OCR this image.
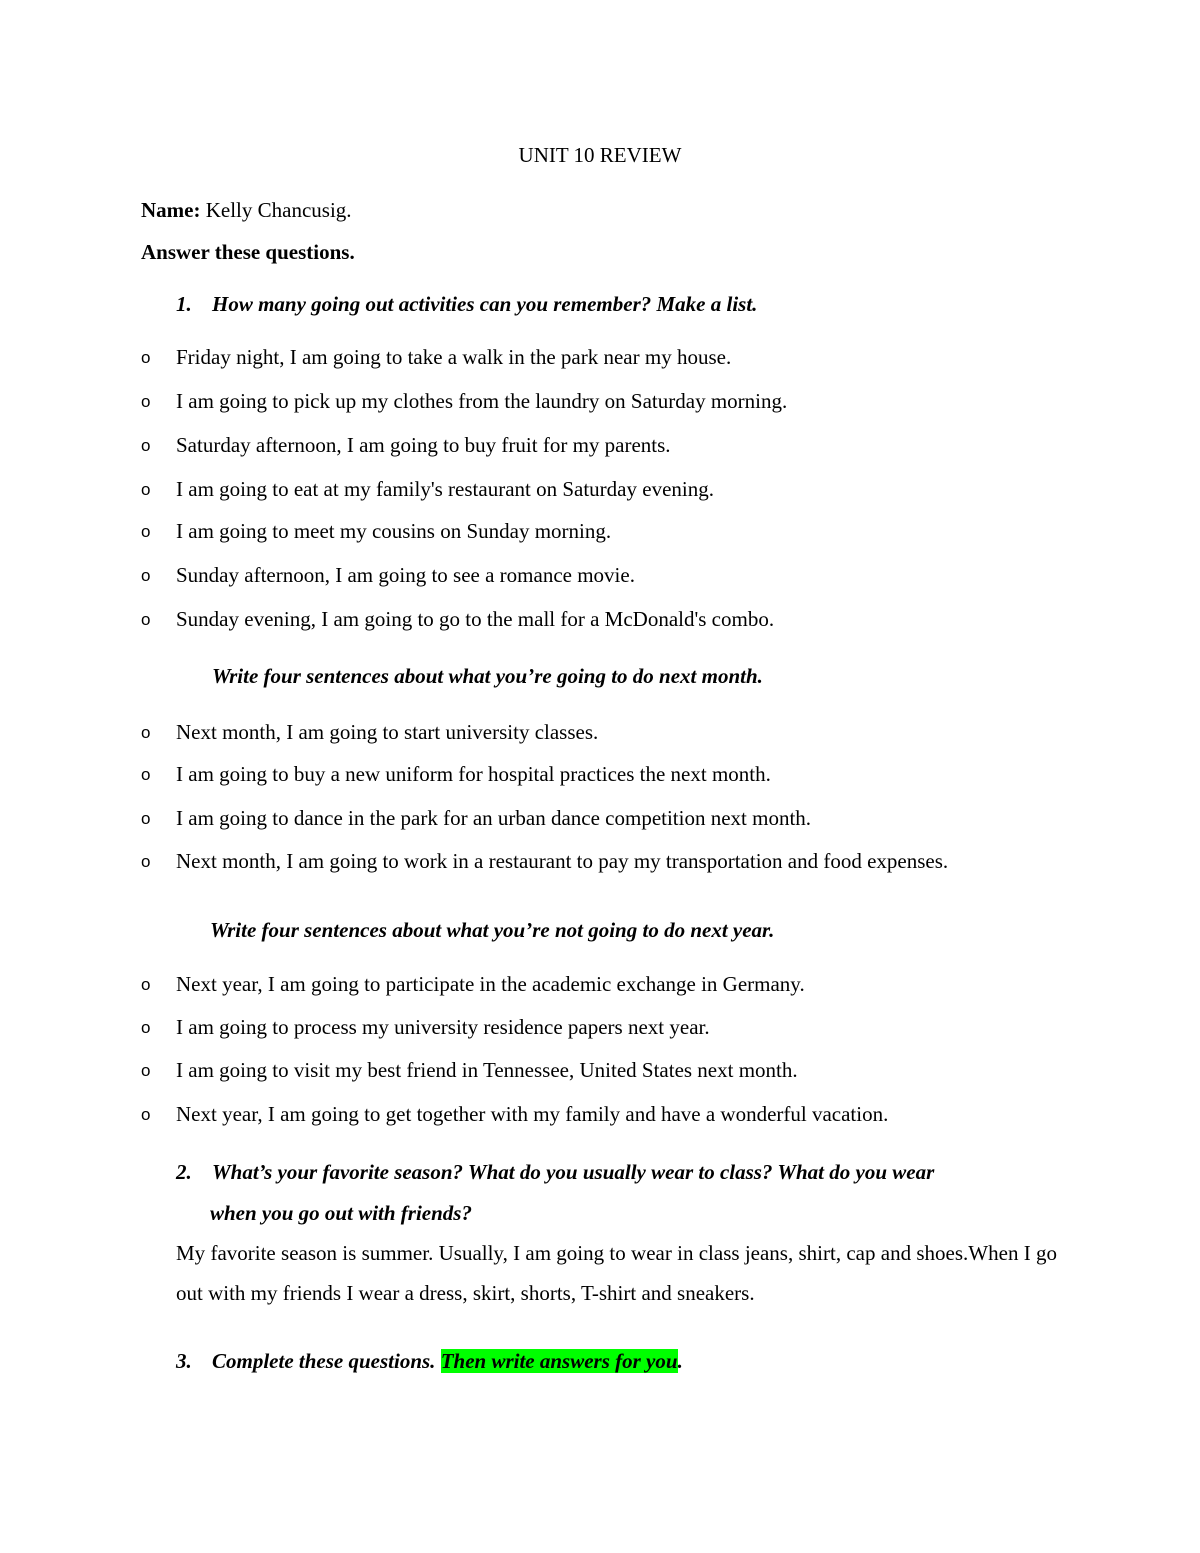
UNIT 10 REVIEW
Name: Kelly Chancusig.
Answer these questions.
1. How many going out activities can you remember? Make a list.
o Friday night, I am going to take a walk in the park near my house.
o I am going to pick up my clothes from the laundry on Saturday morning.
o Saturday afternoon, I am going to buy fruit for my parents.
o I am going to eat at my family's restaurant on Saturday evening.
o I am going to meet my cousins on Sunday morning.
o Sunday afternoon, I am going to see a romance movie.
o Sunday evening, I am going to go to the mall for a McDonald's combo.
Write four sentences about what you’re going to do next month.
o Next month, I am going to start university classes.
o I am going to buy a new uniform for hospital practices the next month.
o I am going to dance in the park for an urban dance competition next month.
o Next month, I am going to work in a restaurant to pay my transportation and food expenses.
Write four sentences about what you’re not going to do next year.
o Next year, I am going to participate in the academic exchange in Germany.
o I am going to process my university residence papers next year.
o I am going to visit my best friend in Tennessee, United States next month.
o Next year, I am going to get together with my family and have a wonderful vacation.
2. What’s your favorite season? What do you usually wear to class? What do you wear
when you go out with friends?
My favorite season is summer. Usually, I am going to wear in class jeans, shirt, cap and shoes.When I go out with my friends I wear a dress, skirt, shorts, T-shirt and sneakers.
3. Complete these questions. Then write answers for you.
